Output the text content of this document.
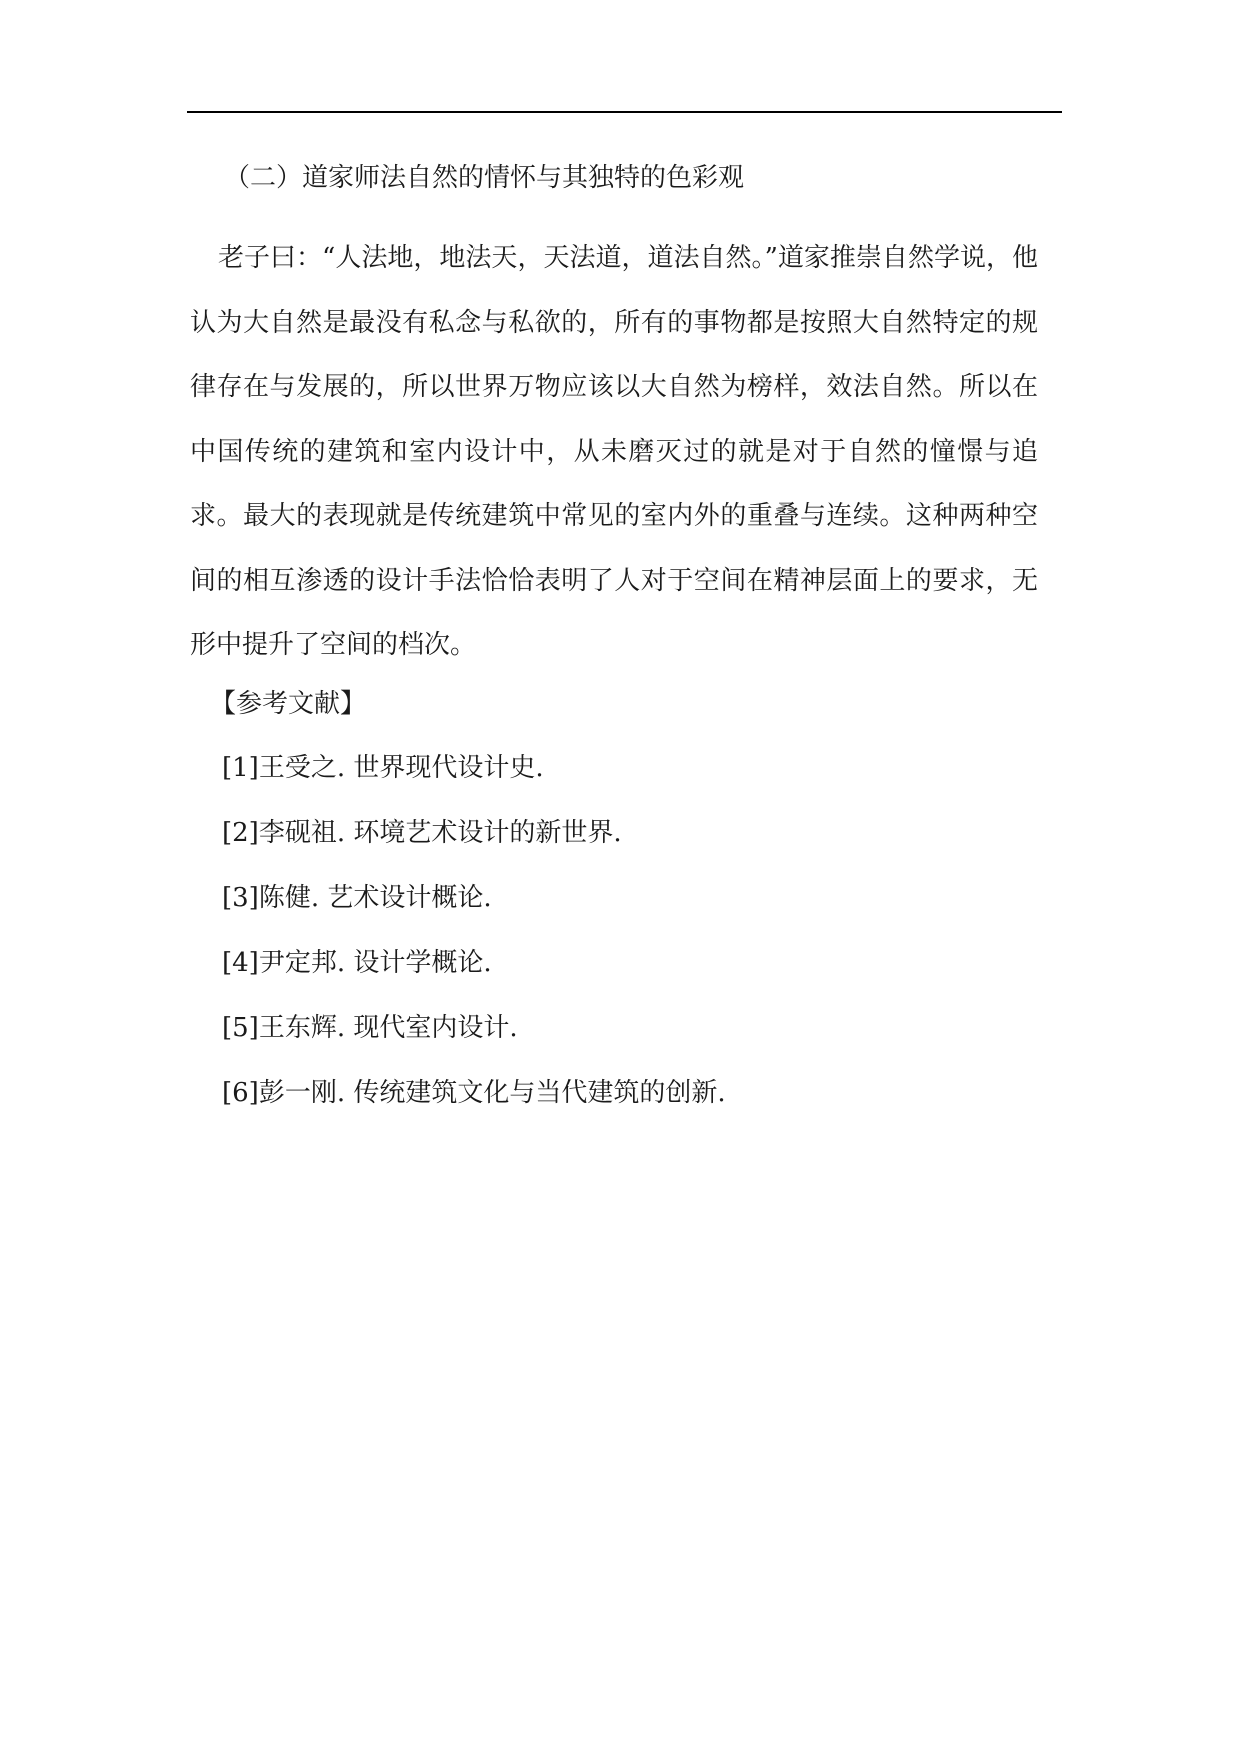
（二）道家师法自然的情怀与其独特的色彩观

老子曰：“人法地，地法天，天法道，道法自然。”道家推崇自然学说，他认为大自然是最没有私念与私欲的，所有的事物都是按照大自然特定的规律存在与发展的，所以世界万物应该以大自然为榜样，效法自然。所以在中国传统的建筑和室内设计中，从未磨灭过的就是对于自然的憧憬与追求。最大的表现就是传统建筑中常见的室内外的重叠与连续。这种两种空间的相互渗透的设计手法恰恰表明了人对于空间在精神层面上的要求，无形中提升了空间的档次。

【参考文献】

[1]王受之. 世界现代设计史.
[2]李砚祖. 环境艺术设计的新世界.
[3]陈健. 艺术设计概论.
[4]尹定邦. 设计学概论.
[5]王东辉. 现代室内设计.
[6]彭一刚. 传统建筑文化与当代建筑的创新.
